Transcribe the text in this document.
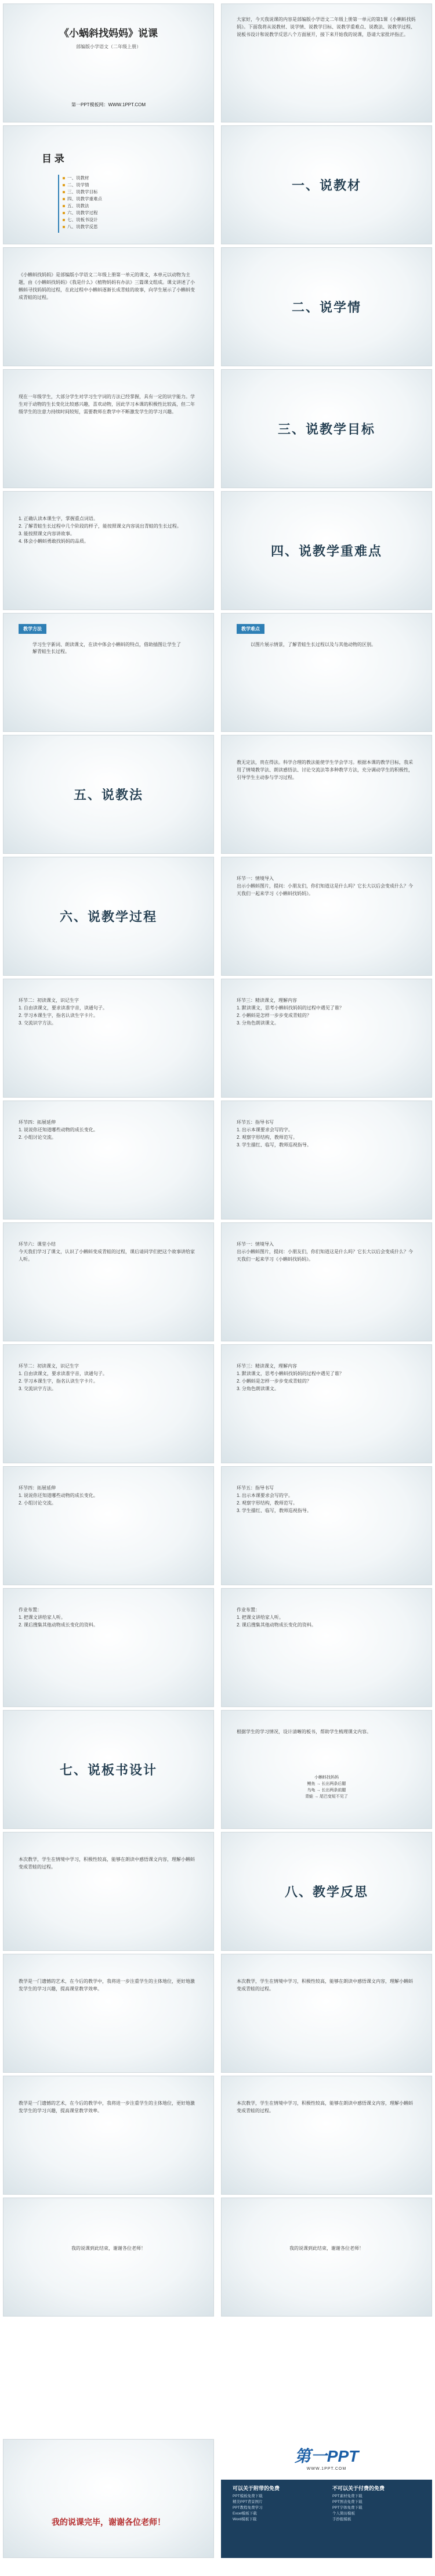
《小蜗斜找妈妈》说课
部编版小学语文（二年级上册）
第一PPT模板网：WWW.1PPT.COM
大家好，今天我说课的内容是部编版小学语文二年级上册第一单元的第1课《小蝌蚪找妈妈》。下面我将从说教材、说学情、说教学目标、说教学重难点、说教法、说教学过程、说板书设计和说教学反思八个方面展开，接下来开始我的说课，恳请大家批评指正。
目 录
一、说教材
二、说学情
三、说教学目标
四、说教学重难点
五、说教法
六、说教学过程
七、说板书设计
八、说教学反思
一、说教材
《小蝌蚪找妈妈》是部编版小学语文二年级上册第一单元的课文，本单元以动物为主题，由《小蝌蚪找妈妈》《我是什么》《植物妈妈有办法》三篇课文组成。课文讲述了小蝌蚪寻找妈妈的过程，在此过程中小蝌蚪逐渐长成青蛙的故事，向学生展示了小蝌蚪变成青蛙的过程。
二、说学情
现在一年级学生，大部分学生对学习生字词的方法已经掌握，具有一定的识字能力。学生对于动物的生长变化比较感兴趣，喜欢动物，因此学习本课的积极性比较高，但二年级学生的注意力持续时间较短，需要教师在教学中不断激发学生的学习兴趣。
三、说教学目标
1. 正确认读本课生字，掌握重点词语。
2. 了解青蛙生长过程中几个阶段的样子，能按照课文内容说出青蛙的生长过程。
3. 能按照课文内容讲故事。
4. 体会小蝌蚪勇敢找妈妈的品质。
四、说教学重难点
教学方法
学习生字新词、朗读课文，在读中体会小蝌蚪的特点，借助插图让学生了解青蛙生长过程。
教学难点
以图片展示情景，了解青蛙生长过程以及与其他动物的区别。
五、说教法
教无定法，贵在得法。科学合理的教法能使学生学会学习。根据本课的教学目标，我采用了情境教学法、朗读感悟法、讨论交流法等多种教学方法，充分调动学生的积极性，引导学生主动参与学习过程。
六、说教学过程
环节一：情境导入
出示小蝌蚪图片，提问：小朋友们，你们知道这是什么吗？它长大以后会变成什么？今天我们一起来学习《小蝌蚪找妈妈》。
环节二：初读课文，识记生字
1. 自由读课文，要求读准字音，读通句子。
2. 学习本课生字，指名认读生字卡片。
3. 交流识字方法。
环节三：精读课文，理解内容
1. 默读课文，思考小蝌蚪找妈妈的过程中遇见了谁？
2. 小蝌蚪是怎样一步步变成青蛙的？
3. 分角色朗读课文。
环节四：拓展延伸
1. 说说你还知道哪些动物的成长变化。
2. 小组讨论交流。
环节五：指导书写
1. 出示本课要求会写的字。
2. 观察字形结构，教师范写。
3. 学生描红、临写，教师巡视指导。
环节六：课堂小结
今天我们学习了课文，认识了小蝌蚪变成青蛙的过程，课后请同学们把这个故事讲给家人听。
环节一：情境导入
出示小蝌蚪图片，提问：小朋友们，你们知道这是什么吗？它长大以后会变成什么？今天我们一起来学习《小蝌蚪找妈妈》。
环节二：初读课文，识记生字
1. 自由读课文，要求读准字音，读通句子。
2. 学习本课生字，指名认读生字卡片。
3. 交流识字方法。
环节三：精读课文，理解内容
1. 默读课文，思考小蝌蚪找妈妈的过程中遇见了谁？
2. 小蝌蚪是怎样一步步变成青蛙的？
3. 分角色朗读课文。
环节四：拓展延伸
1. 说说你还知道哪些动物的成长变化。
2. 小组讨论交流。
环节五：指导书写
1. 出示本课要求会写的字。
2. 观察字形结构，教师范写。
3. 学生描红、临写，教师巡视指导。
作业布置：
1. 把课文讲给家人听。
2. 课后搜集其他动物成长变化的资料。
作业布置：
1. 把课文讲给家人听。
2. 课后搜集其他动物成长变化的资料。
七、说板书设计
根据学生的学习情况，设计清晰的板书，帮助学生梳理课文内容。
小蝌蚪找妈妈
鲤鱼 → 长出两条后腿
乌龟 → 长出两条前腿
青蛙 → 尾巴变短不见了
本次教学，学生在情境中学习，积极性较高，能够在朗读中感悟课文内容，理解小蝌蚪变成青蛙的过程。
八、教学反思
教学是一门遗憾的艺术，在今后的教学中，我将进一步注重学生的主体地位，更好地激发学生的学习兴趣，提高课堂教学效率。
本次教学，学生在情境中学习，积极性较高，能够在朗读中感悟课文内容，理解小蝌蚪变成青蛙的过程。
教学是一门遗憾的艺术，在今后的教学中，我将进一步注重学生的主体地位，更好地激发学生的学习兴趣，提高课堂教学效率。
本次教学，学生在情境中学习，积极性较高，能够在朗读中感悟课文内容，理解小蝌蚪变成青蛙的过程。
我的说课到此结束，谢谢各位老师！	我的说课到此结束，谢谢各位老师！
我的说课完毕，谢谢各位老师！
第一PPT
WWW.1PPT.COM
可以关于附带的免费
PPT模板免费下载
精美PPT背景图片
PPT教程免费学习
Excel模板下载
Word模板下载
不可以关于付费的免费
PPT素材免费下载
PPT图表免费下载
PPT字体免费下载
个人简历模板
手抄报模板
